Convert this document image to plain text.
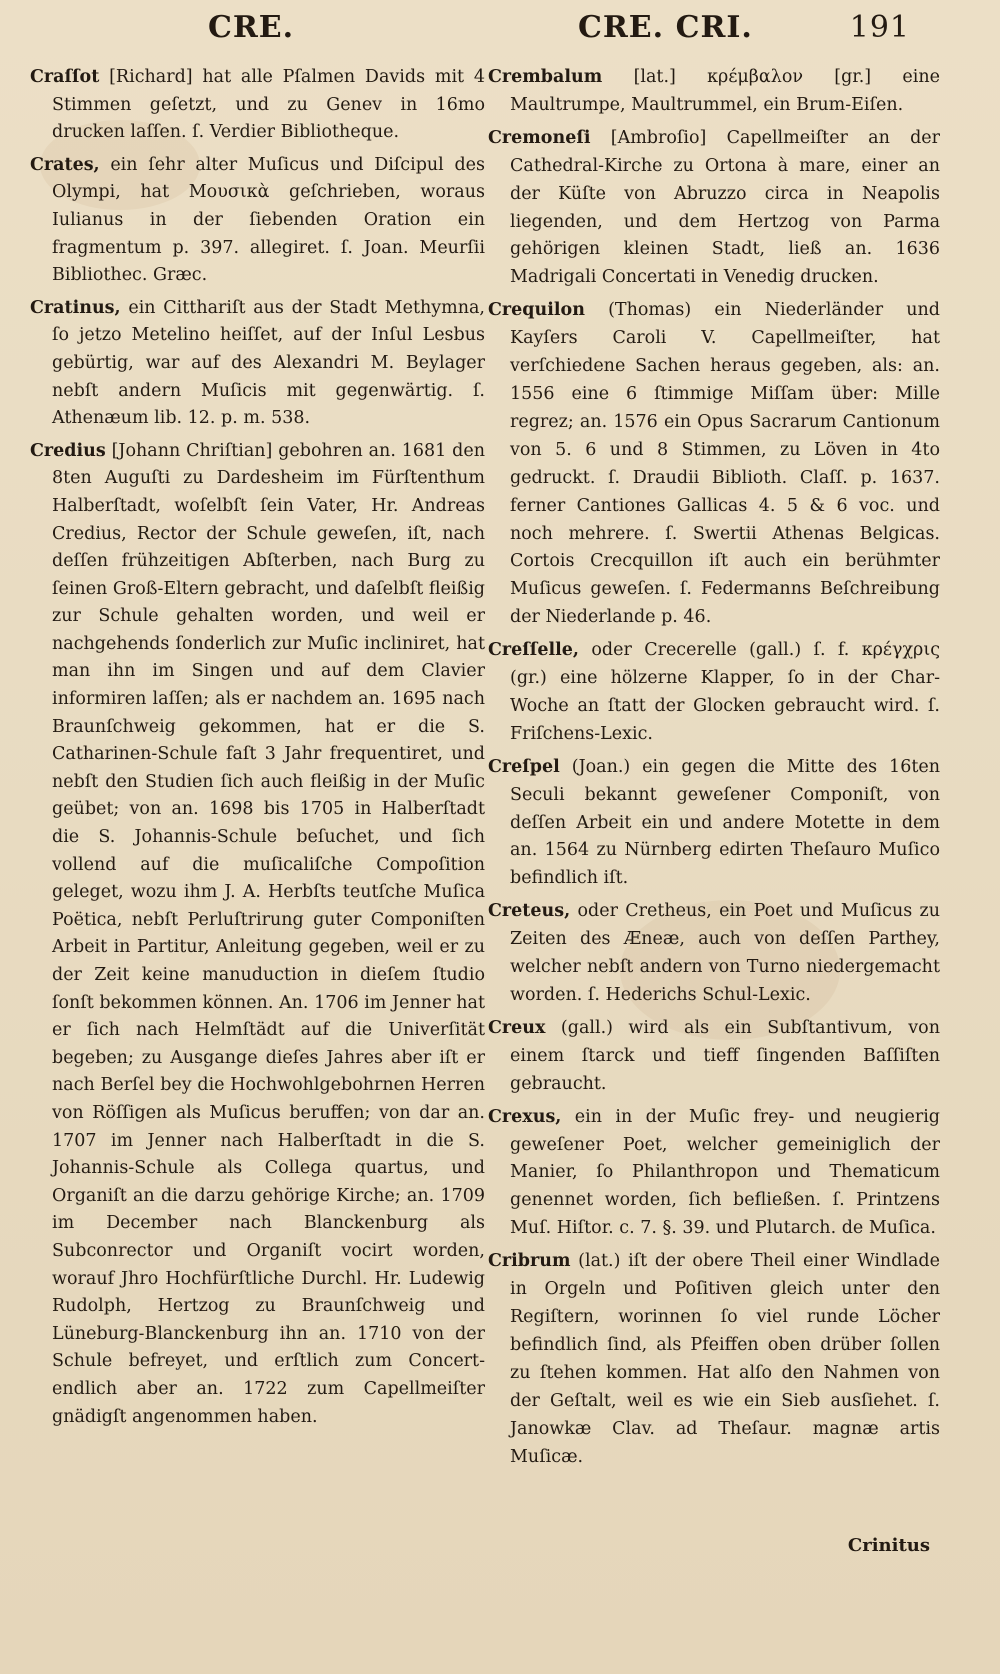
CRE.	CRE. CRI.	191

Craſſot [Richard] hat alle Pſalmen Davids mit 4 Stimmen geſetzt, und zu Genev in 16mo drucken laſſen. ſ. Verdier Bibliotheque.

Crates, ein ſehr alter Muſicus und Diſcipul des Olympi, hat Μουσικὰ geſchrieben, woraus Iulianus in der ſiebenden Oration ein fragmentum p. 397. allegiret. ſ. Joan. Meurſii Bibliothec. Græc.

Cratinus, ein Citthariſt aus der Stadt Methymna, ſo jetzo Metelino heiſſet, auf der Inſul Lesbus gebürtig, war auf des Alexandri M. Beylager nebſt andern Muſicis mit gegenwärtig. ſ. Athenæum lib. 12. p. m. 538.

Credius [Johann Chriſtian] gebohren an. 1681 den 8ten Auguſti zu Dardesheim im Fürſtenthum Halberſtadt, woſelbſt ſein Vater, Hr. Andreas Credius, Rector der Schule geweſen, iſt, nach deſſen frühzeitigen Abſterben, nach Burg zu ſeinen Groß-Eltern gebracht, und daſelbſt fleißig zur Schule gehalten worden, und weil er nachgehends ſonderlich zur Muſic incliniret, hat man ihn im Singen und auf dem Clavier informiren laſſen; als er nachdem an. 1695 nach Braunſchweig gekommen, hat er die S. Catharinen-Schule faſt 3 Jahr frequentiret, und nebſt den Studien ſich auch fleißig in der Muſic geübet; von an. 1698 bis 1705 in Halberſtadt die S. Johannis-Schule beſuchet, und ſich vollend auf die muſicaliſche Compoſition geleget, wozu ihm J. A. Herbſts teutſche Muſica Poëtica, nebſt Perluſtrirung guter Componiſten Arbeit in Partitur, Anleitung gegeben, weil er zu der Zeit keine manuduction in dieſem ſtudio ſonſt bekommen können. An. 1706 im Jenner hat er ſich nach Helmſtädt auf die Univerſität begeben; zu Ausgange dieſes Jahres aber iſt er nach Berſel bey die Hochwohlgebohrnen Herren von Röſſigen als Muſicus beruffen; von dar an. 1707 im Jenner nach Halberſtadt in die S. Johannis-Schule als Collega quartus, und Organiſt an die darzu gehörige Kirche; an. 1709 im December nach Blanckenburg als Subconrector und Organiſt vocirt worden, worauf Jhro Hochfürſtliche Durchl. Hr. Ludewig Rudolph, Hertzog zu Braunſchweig und Lüneburg-Blanckenburg ihn an. 1710 von der Schule befreyet, und erſtlich zum Concert-endlich aber an. 1722 zum Capellmeiſter gnädigſt angenommen haben.

Crembalum [lat.] κρέμβαλον [gr.] eine Maultrumpe, Maultrummel, ein Brum-Eiſen.

Cremoneſi [Ambroſio] Capellmeiſter an der Cathedral-Kirche zu Ortona à mare, einer an der Küſte von Abruzzo circa in Neapolis liegenden, und dem Hertzog von Parma gehörigen kleinen Stadt, ließ an. 1636 Madrigali Concertati in Venedig drucken.

Crequilon (Thomas) ein Niederländer und Kayſers Caroli V. Capellmeiſter, hat verſchiedene Sachen heraus gegeben, als: an. 1556 eine 6 ſtimmige Miſſam über: Mille regrez; an. 1576 ein Opus Sacrarum Cantionum von 5. 6 und 8 Stimmen, zu Löven in 4to gedruckt. ſ. Draudii Biblioth. Claſſ. p. 1637. ferner Cantiones Gallicas 4. 5 & 6 voc. und noch mehrere. ſ. Swertii Athenas Belgicas. Cortois Crecquillon iſt auch ein berühmter Muſicus geweſen. ſ. Federmanns Beſchreibung der Niederlande p. 46.

Creſſelle, oder Crecerelle (gall.) ſ. f. κρέγχρις (gr.) eine hölzerne Klapper, ſo in der Char-Woche an ſtatt der Glocken gebraucht wird. ſ. Friſchens-Lexic.

Creſpel (Joan.) ein gegen die Mitte des 16ten Seculi bekannt geweſener Componiſt, von deſſen Arbeit ein und andere Motette in dem an. 1564 zu Nürnberg edirten Theſauro Muſico befindlich iſt.

Creteus, oder Cretheus, ein Poet und Muſicus zu Zeiten des Æneæ, auch von deſſen Parthey, welcher nebſt andern von Turno niedergemacht worden. ſ. Hederichs Schul-Lexic.

Creux (gall.) wird als ein Subſtantivum, von einem ſtarck und tieff ſingenden Baſſiſten gebraucht.

Crexus, ein in der Muſic frey- und neugierig geweſener Poet, welcher gemeiniglich der Manier, ſo Philanthropon und Thematicum genennet worden, ſich befließen. ſ. Printzens Muſ. Hiſtor. c. 7. §. 39. und Plutarch. de Muſica.

Cribrum (lat.) iſt der obere Theil einer Windlade in Orgeln und Poſitiven gleich unter den Regiſtern, worinnen ſo viel runde Löcher befindlich ſind, als Pfeiffen oben drüber ſollen zu ſtehen kommen. Hat alſo den Nahmen von der Geſtalt, weil es wie ein Sieb ausſiehet. ſ. Janowkæ Clav. ad Theſaur. magnæ artis Muſicæ.

Crinitus
